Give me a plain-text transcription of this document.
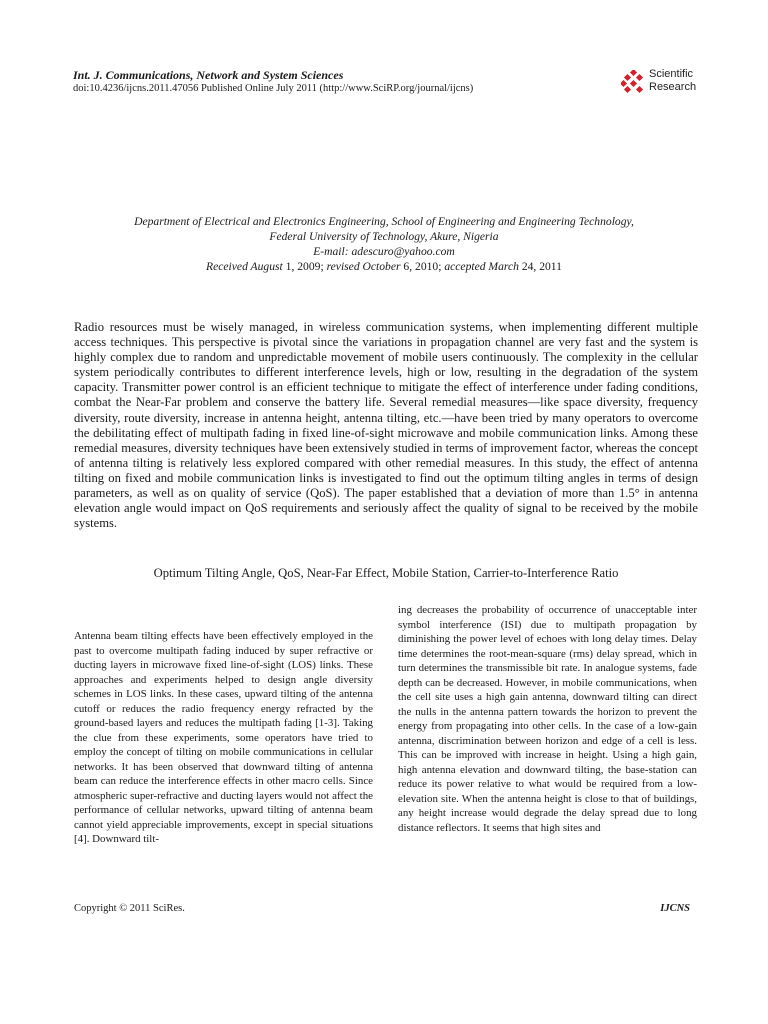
Int. J. Communications, Network and System Sciences
doi:10.4236/ijcns.2011.47056 Published Online July 2011 (http://www.SciRP.org/journal/ijcns)
Scientific
Research
Department of Electrical and Electronics Engineering, School of Engineering and Engineering Technology,
Federal University of Technology, Akure, Nigeria
E-mail: adescuro@yahoo.com
Received August 1, 2009; revised October 6, 2010; accepted March 24, 2011
Radio resources must be wisely managed, in wireless communication systems, when implementing different multiple access techniques. This perspective is pivotal since the variations in propagation channel are very fast and the system is highly complex due to random and unpredictable movement of mobile users continuously. The complexity in the cellular system periodically contributes to different interference levels, high or low, resulting in the degradation of the system capacity. Transmitter power control is an efficient technique to mitigate the effect of interference under fading conditions, combat the Near-Far problem and conserve the battery life. Several remedial measures—like space diversity, frequency diversity, route diversity, increase in antenna height, antenna tilting, etc.—have been tried by many operators to overcome the debilitating effect of multipath fading in fixed line-of-sight microwave and mobile communication links. Among these remedial measures, diversity techniques have been extensively studied in terms of improvement factor, whereas the concept of antenna tilting is relatively less explored compared with other remedial measures. In this study, the effect of antenna tilting on fixed and mobile communication links is investigated to find out the optimum tilting angles in terms of design parameters, as well as on quality of service (QoS). The paper established that a deviation of more than 1.5° in antenna elevation angle would impact on QoS requirements and seriously affect the quality of signal to be received by the mobile systems.
Optimum Tilting Angle, QoS, Near-Far Effect, Mobile Station, Carrier-to-Interference Ratio
Antenna beam tilting effects have been effectively employed in the past to overcome multipath fading induced by super refractive or ducting layers in microwave fixed line-of-sight (LOS) links. These approaches and experiments helped to design angle diversity schemes in LOS links. In these cases, upward tilting of the antenna cutoff or reduces the radio frequency energy refracted by the ground-based layers and reduces the multipath fading [1-3]. Taking the clue from these experiments, some operators have tried to employ the concept of tilting on mobile communications in cellular networks. It has been observed that downward tilting of antenna beam can reduce the interference effects in other macro cells. Since atmospheric super-refractive and ducting layers would not affect the performance of cellular networks, upward tilting of antenna beam cannot yield appreciable improvements, except in special situations [4]. Downward tilt-
ing decreases the probability of occurrence of unacceptable inter symbol interference (ISI) due to multipath propagation by diminishing the power level of echoes with long delay times. Delay time determines the root-mean-square (rms) delay spread, which in turn determines the transmissible bit rate. In analogue systems, fade depth can be decreased. However, in mobile communications, when the cell site uses a high gain antenna, downward tilting can direct the nulls in the antenna pattern towards the horizon to prevent the energy from propagating into other cells. In the case of a low-gain antenna, discrimination between horizon and edge of a cell is less. This can be improved with increase in height. Using a high gain, high antenna elevation and downward tilting, the base-station can reduce its power relative to what would be required from a low-elevation site. When the antenna height is close to that of buildings, any height increase would degrade the delay spread due to long distance reflectors. It seems that high sites and
Copyright © 2011 SciRes.	IJCNS
